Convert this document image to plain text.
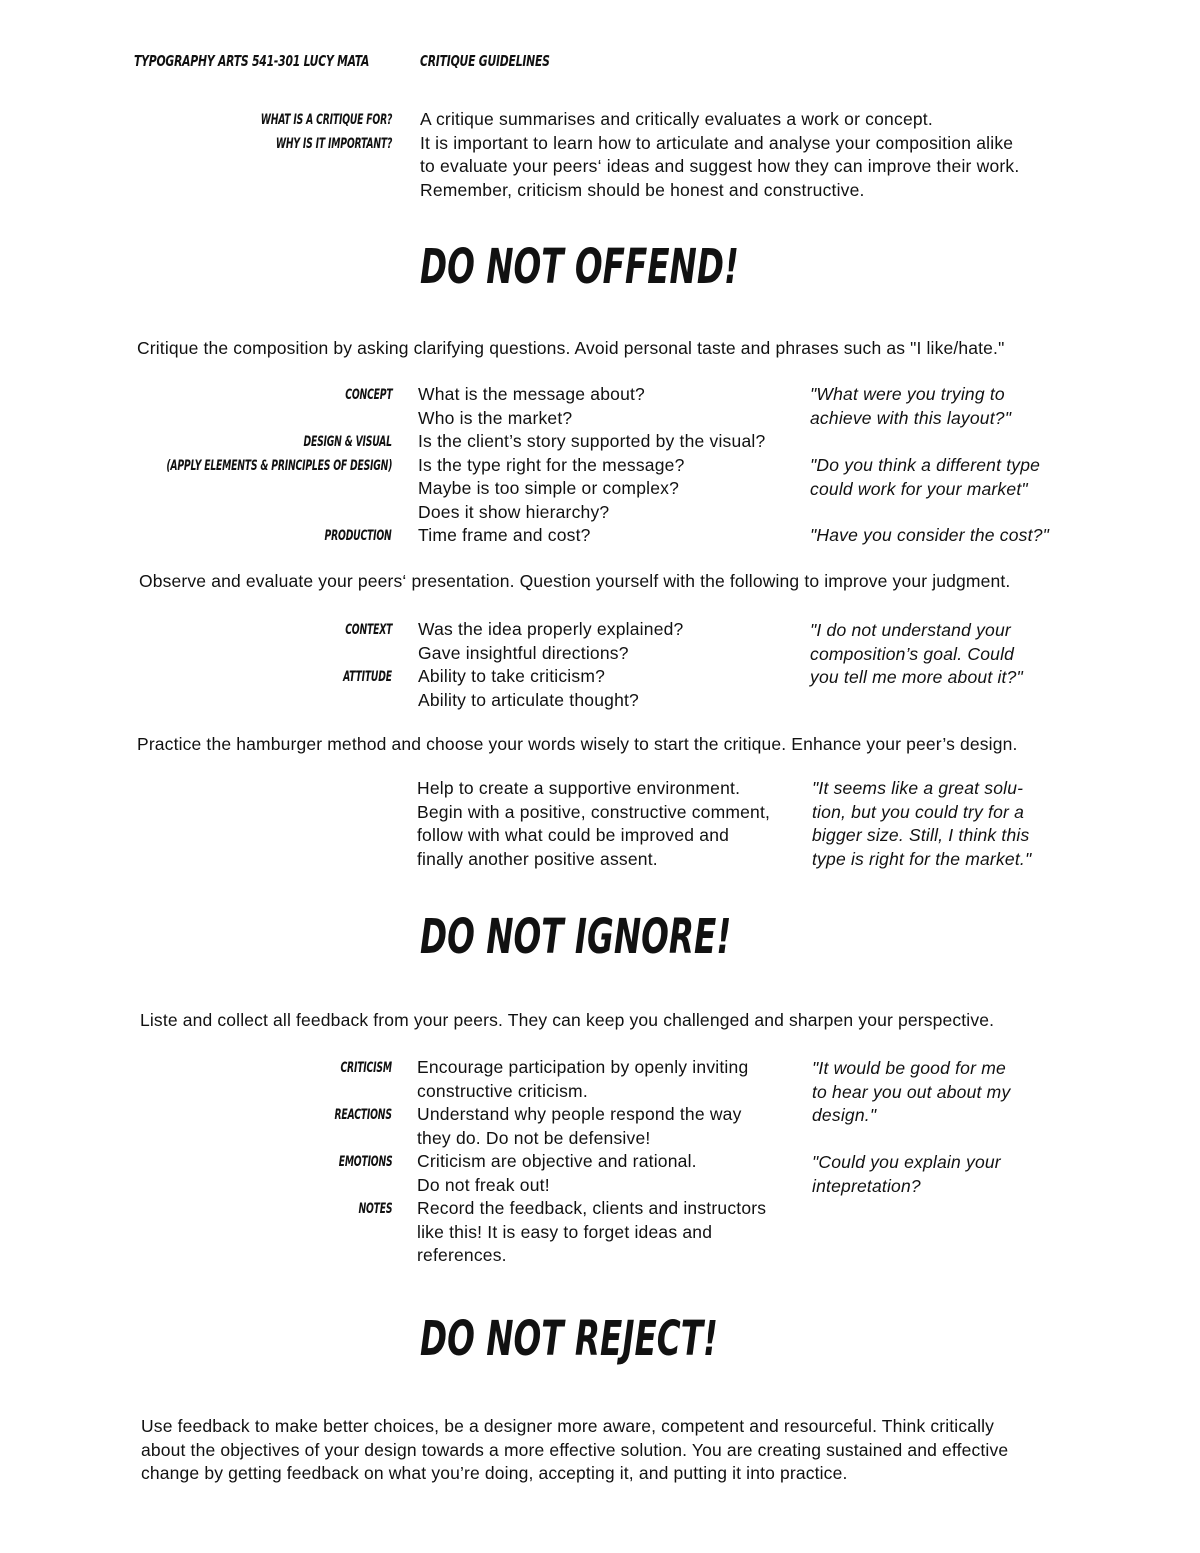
TYPOGRAPHY ARTS 541-301 LUCY MATA	CRITIQUE GUIDELINES
WHAT IS A CRITIQUE FOR?
WHY IS IT IMPORTANT?
A critique summarises and critically evaluates a work or concept.
It is important to learn how to articulate and analyse your composition alike
to evaluate your peers‘ ideas and suggest how they can improve their work.
Remember, criticism should be honest and constructive.
DO NOT OFFEND!
Critique the composition by asking clarifying questions. Avoid personal taste and phrases such as "I like/hate."
CONCEPT
DESIGN & VISUAL
(APPLY ELEMENTS & PRINCIPLES OF DESIGN)
PRODUCTION
What is the message about?
Who is the market?
Is the client’s story supported by the visual?
Is the type right for the message?
Maybe is too simple or complex?
Does it show hierarchy?
Time frame and cost?
"What were you trying to
achieve with this layout?"
"Do you think a different type
could work for your market"
"Have you consider the cost?"
Observe and evaluate your peers‘ presentation. Question yourself with the following to improve your judgment.
CONTEXT
ATTITUDE
Was the idea properly explained?
Gave insightful directions?
Ability to take criticism?
Ability to articulate thought?
"I do not understand your
composition’s goal. Could
you tell me more about it?"
Practice the hamburger method and choose your words wisely to start the critique. Enhance your peer’s design.
Help to create a supportive environment.
Begin with a positive, constructive comment,
follow with what could be improved and
finally another positive assent.
"It seems like a great solu-
tion, but you could try for a
bigger size. Still, I think this
type is right for the market."
DO NOT IGNORE!
Liste and collect all feedback from your peers. They can keep you challenged and sharpen your perspective.
CRITICISM
REACTIONS
EMOTIONS
NOTES
Encourage participation by openly inviting
constructive criticism.
Understand why people respond the way
they do. Do not be defensive!
Criticism are objective and rational.
Do not freak out!
Record the feedback, clients and instructors
like this! It is easy to forget ideas and
references.
"It would be good for me
to hear you out about my
design."
"Could you explain your
intepretation?
DO NOT REJECT!
Use feedback to make better choices, be a designer more aware, competent and resourceful. Think critically
about the objectives of your design towards a more effective solution. You are creating sustained and effective
change by getting feedback on what you’re doing, accepting it, and putting it into practice.
